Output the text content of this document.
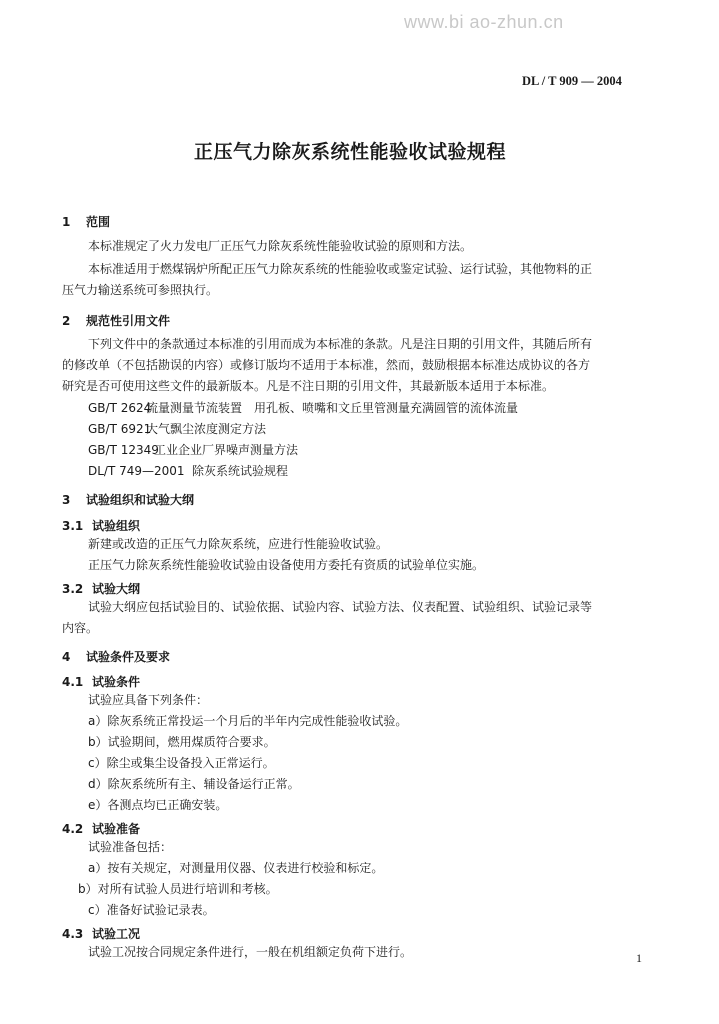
www.bi ao-zhun.cn
DL / T 909 — 2004
正压气力除灰系统性能验收试验规程
1 范围
本标准规定了火力发电厂正压气力除灰系统性能验收试验的原则和方法。
本标准适用于燃煤锅炉所配正压气力除灰系统的性能验收或鉴定试验、运行试验，其他物料的正
压气力输送系统可参照执行。
2 规范性引用文件
下列文件中的条款通过本标准的引用而成为本标准的条款。凡是注日期的引用文件，其随后所有
的修改单（不包括勘误的内容）或修订版均不适用于本标准，然而，鼓励根据本标准达成协议的各方
研究是否可使用这些文件的最新版本。凡是不注日期的引用文件，其最新版本适用于本标准。
GB/T 2624流量测量节流装置　用孔板、喷嘴和文丘里管测量充满圆管的流体流量
GB/T 6921大气飘尘浓度测定方法
GB/T 12349工业企业厂界噪声测量方法
DL/T 749—2001 除灰系统试验规程
3 试验组织和试验大纲
3.1 试验组织
新建或改造的正压气力除灰系统，应进行性能验收试验。
正压气力除灰系统性能验收试验由设备使用方委托有资质的试验单位实施。
3.2 试验大纲
试验大纲应包括试验目的、试验依据、试验内容、试验方法、仪表配置、试验组织、试验记录等
内容。
4 试验条件及要求
4.1 试验条件
试验应具备下列条件：
a）除灰系统正常投运一个月后的半年内完成性能验收试验。
b）试验期间，燃用煤质符合要求。
c）除尘或集尘设备投入正常运行。
d）除灰系统所有主、辅设备运行正常。
e）各测点均已正确安装。
4.2 试验准备
试验准备包括：
a）按有关规定，对测量用仪器、仪表进行校验和标定。
b）对所有试验人员进行培训和考核。
c）准备好试验记录表。
4.3 试验工况
试验工况按合同规定条件进行，一般在机组额定负荷下进行。	1
